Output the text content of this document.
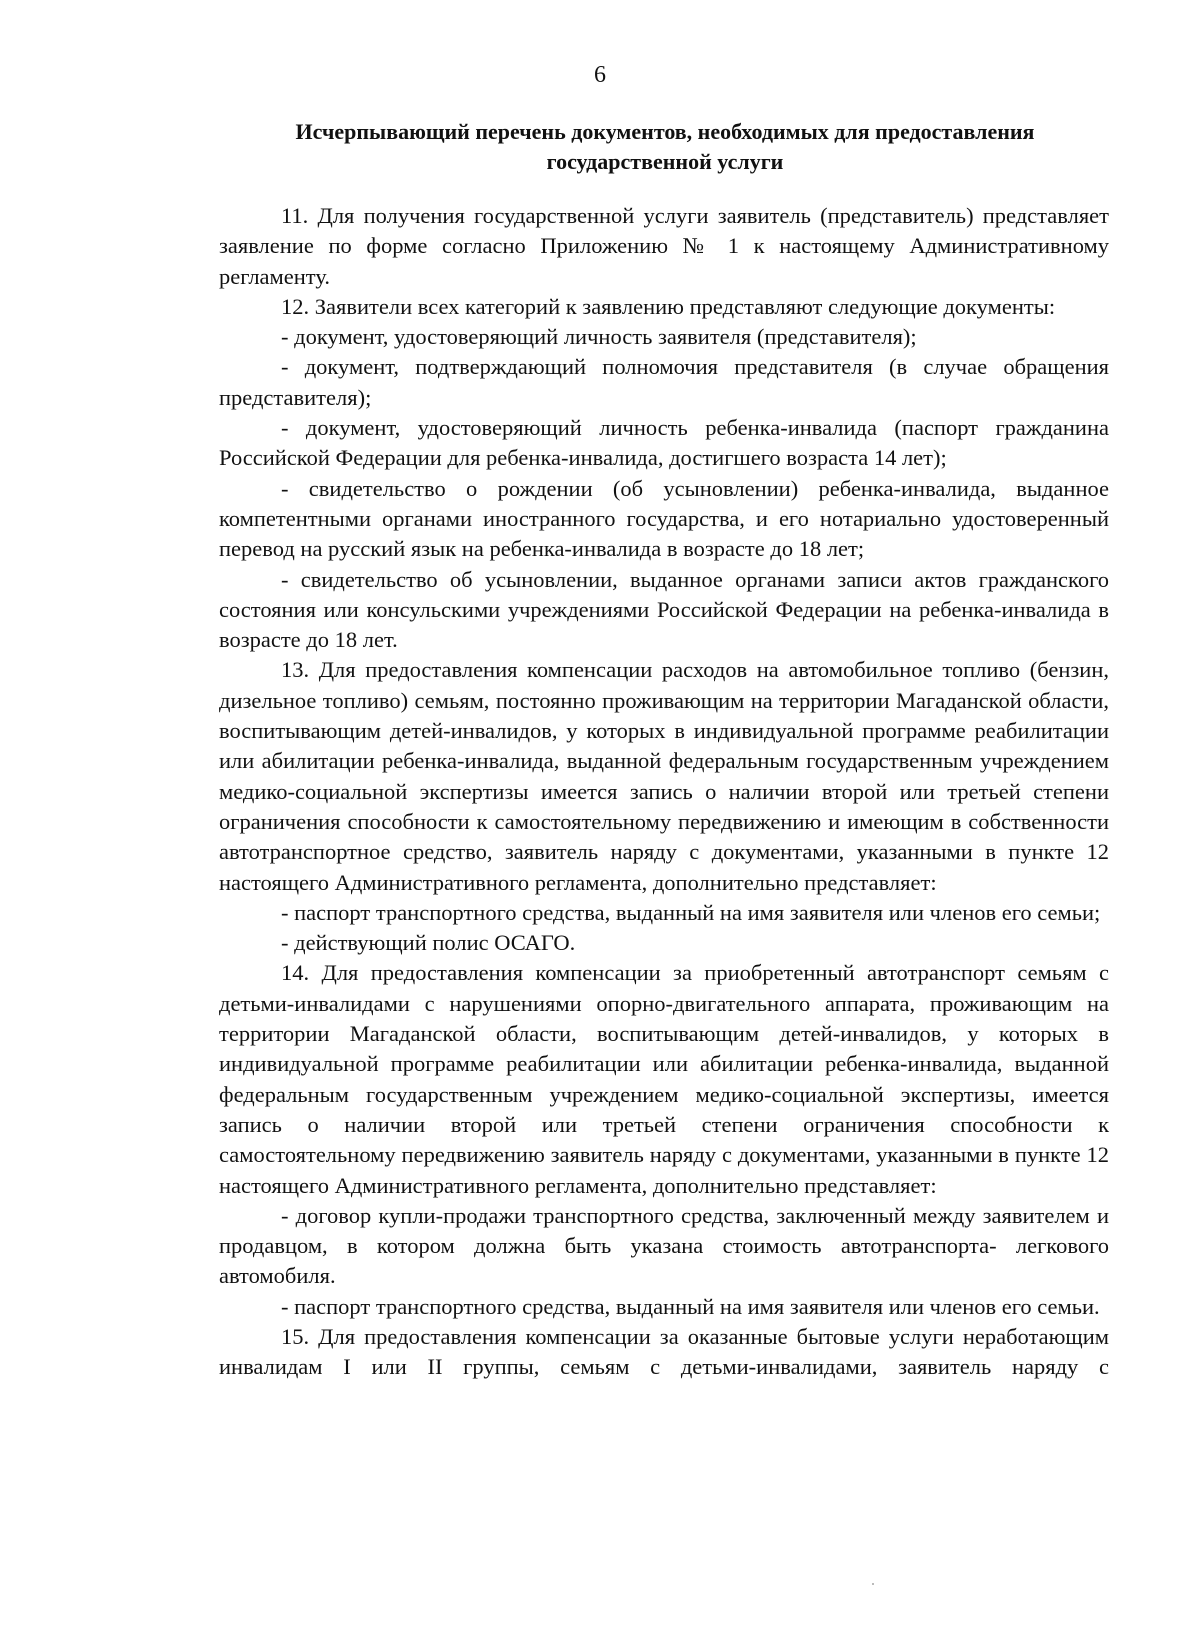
6
Исчерпывающий перечень документов, необходимых для предоставления государственной услуги

11. Для получения государственной услуги заявитель (представитель) представляет заявление по форме согласно Приложению № 1 к настоящему Административному регламенту.

12. Заявители всех категорий к заявлению представляют следующие документы:

- документ, удостоверяющий личность заявителя (представителя);

- документ, подтверждающий полномочия представителя (в случае обращения представителя);

- документ, удостоверяющий личность ребенка-инвалида (паспорт гражданина Российской Федерации для ребенка-инвалида, достигшего возраста 14 лет);

- свидетельство о рождении (об усыновлении) ребенка-инвалида, выданное компетентными органами иностранного государства, и его нотариально удостоверенный перевод на русский язык на ребенка-инвалида в возрасте до 18 лет;

- свидетельство об усыновлении, выданное органами записи актов гражданского состояния или консульскими учреждениями Российской Федерации на ребенка-инвалида в возрасте до 18 лет.

13. Для предоставления компенсации расходов на автомобильное топливо (бензин, дизельное топливо) семьям, постоянно проживающим на территории Магаданской области, воспитывающим детей-инвалидов, у которых в индивидуальной программе реабилитации или абилитации ребенка-инвалида, выданной федеральным государственным учреждением медико-социальной экспертизы имеется запись о наличии второй или третьей степени ограничения способности к самостоятельному передвижению и имеющим в собственности автотранспортное средство, заявитель наряду с документами, указанными в пункте 12 настоящего Административного регламента, дополнительно представляет:

- паспорт транспортного средства, выданный на имя заявителя или членов его семьи;

- действующий полис ОСАГО.

14. Для предоставления компенсации за приобретенный автотранспорт семьям с детьми-инвалидами с нарушениями опорно-двигательного аппарата, проживающим на территории Магаданской области, воспитывающим детей-инвалидов, у которых в индивидуальной программе реабилитации или абилитации ребенка-инвалида, выданной федеральным государственным учреждением медико-социальной экспертизы, имеется запись о наличии второй или третьей степени ограничения способности к самостоятельному передвижению заявитель наряду с документами, указанными в пункте 12 настоящего Административного регламента, дополнительно представляет:

- договор купли-продажи транспортного средства, заключенный между заявителем и продавцом, в котором должна быть указана стоимость автотранспорта- легкового автомобиля.

- паспорт транспортного средства, выданный на имя заявителя или членов его семьи.

15. Для предоставления компенсации за оказанные бытовые услуги неработающим инвалидам I или II группы, семьям с детьми-инвалидами, заявитель наряду с
